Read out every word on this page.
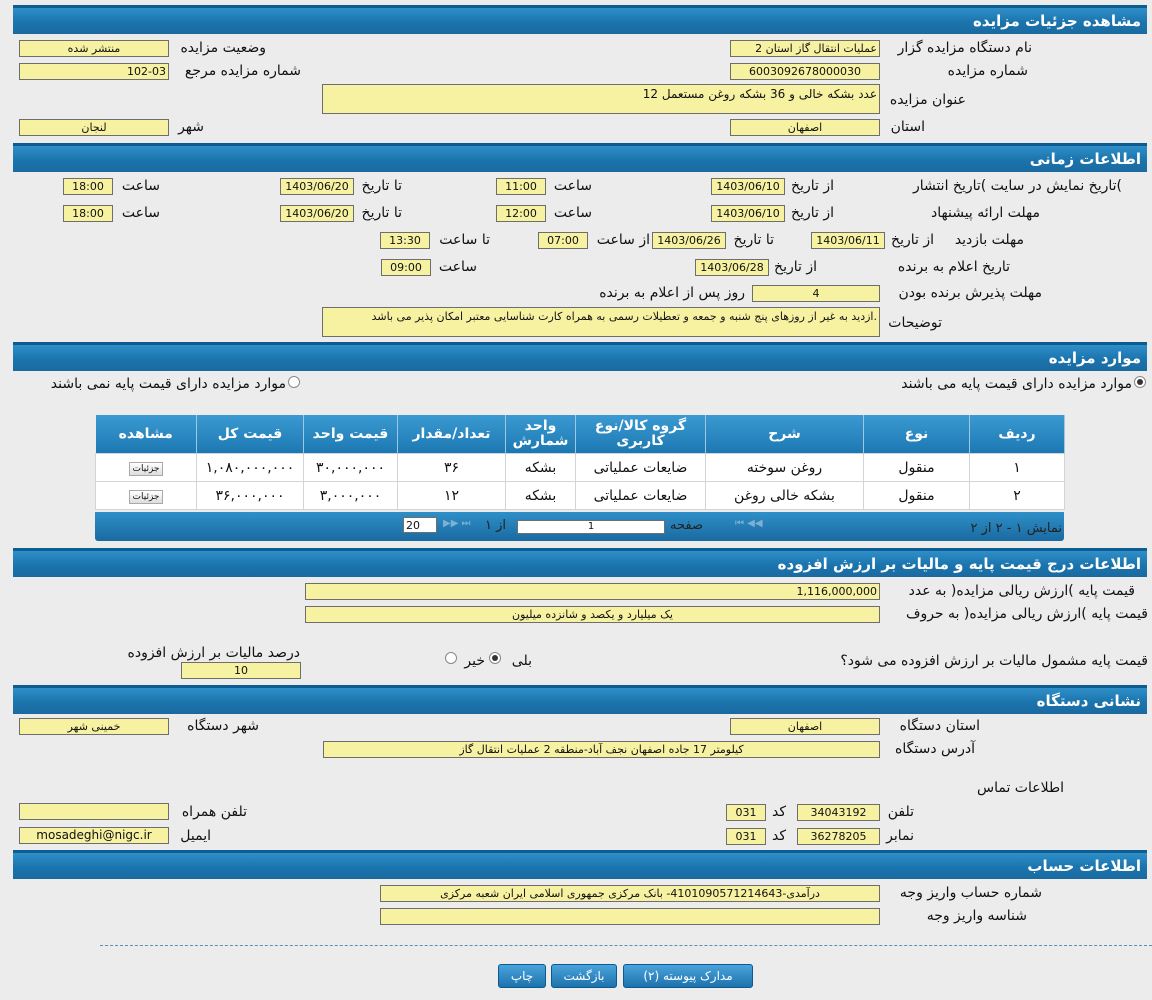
مشاهده جزئیات مزایده
نام دستگاه مزایده گزار
2 عملیات انتقال گاز استان
وضعیت مزایده
منتشر شده
شماره مزایده
6003092678000030
شماره مزایده مرجع
102-03
عنوان مزایده
12 عدد بشکه خالی و 36 بشکه روغن مستعمل
استان
اصفهان
شهر
لنجان
اطلاعات زمانی
تاریخ نمایش در سایت )تاریخ انتشار(
از تاریخ
1403/06/10
ساعت
11:00
تا تاریخ
1403/06/20
ساعت
18:00
مهلت ارائه پیشنهاد
از تاریخ
1403/06/10
ساعت
12:00
تا تاریخ
1403/06/20
ساعت
18:00
مهلت بازدید
از تاریخ
1403/06/11
تا تاریخ
1403/06/26
از ساعت
07:00
تا ساعت
13:30
تاریخ اعلام به برنده
از تاریخ
1403/06/28
ساعت
09:00
مهلت پذیرش برنده بودن
4
روز پس از اعلام به برنده
توضیحات
ازدید به غیر از روزهای پنج شنبه و جمعه و تعطیلات رسمی به همراه کارت شناسایی معتبر امکان پذیر می باشد.
موارد مزایده
موارد مزایده دارای قیمت پایه می باشند
موارد مزایده دارای قیمت پایه نمی باشند
ردیف	نوع	شرح	گروه کالا/نوع کاربری	واحد شمارش	تعداد/مقدار	قیمت واحد	قیمت کل	مشاهده
۱	منقول	روغن سوخته	ضایعات عملیاتی	بشکه	۳۶	۳۰,۰۰۰,۰۰۰	۱,۰۸۰,۰۰۰,۰۰۰	جزئیات
۲	منقول	بشکه خالی روغن	ضایعات عملیاتی	بشکه	۱۲	۳,۰۰۰,۰۰۰	۳۶,۰۰۰,۰۰۰	جزئیات
نمایش ۱ - ۲ از ۲
⏮ ◀◀
صفحه
1
از ۱
▶▶ ⏭
20
اطلاعات درج قیمت پایه و مالیات بر ارزش افزوده
قیمت پایه )ارزش ریالی مزایده( به عدد
1,116,000,000
قیمت پایه )ارزش ریالی مزایده( به حروف
یک میلیارد و یکصد و شانزده میلیون
قیمت پایه مشمول مالیات بر ارزش افزوده می شود؟
بلی
خیر
درصد مالیات بر ارزش افزوده
10
نشانی دستگاه
استان دستگاه
اصفهان
شهر دستگاه
خمینی شهر
آدرس دستگاه
کیلومتر 17 جاده اصفهان نجف آباد-منطقه 2 عملیات انتقال گاز
اطلاعات تماس
تلفن
34043192
کد
031
تلفن همراه
نمابر
36278205
کد
031
ایمیل
mosadeghi@nigc.ir
اطلاعات حساب
شماره حساب واریز وجه
درآمدی-4101090571214643- بانک مرکزی جمهوری اسلامی ایران شعبه مرکزی
شناسه واریز وجه
مدارک پیوسته (۲)
بازگشت
چاپ
